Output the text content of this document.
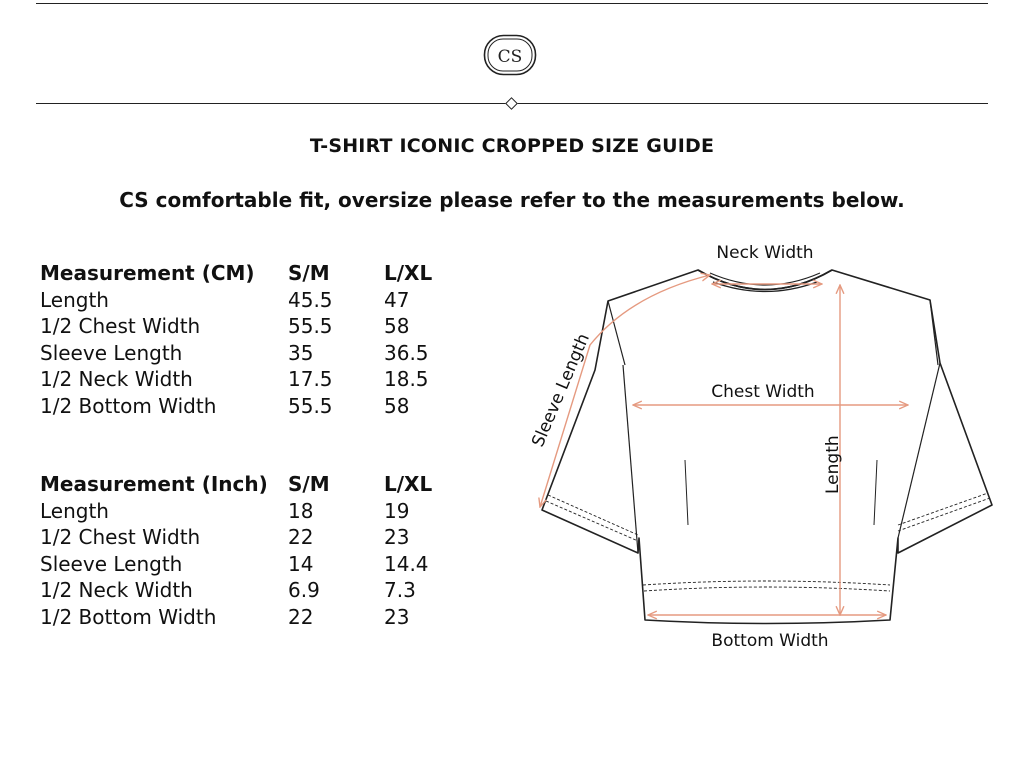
CS
T-SHIRT ICONIC CROPPED SIZE GUIDE
CS comfortable fit, oversize please refer to the measurements below.
Measurement (CM) S/M	L/XL
Length	45.5	47
1/2 Chest Width	55.5	58
Sleeve Length	35	36.5
1/2 Neck Width	17.5	18.5
1/2 Bottom Width	55.5	58
Measurement (Inch) S/M	L/XL
Length	18	19
1/2 Chest Width	22	23
Sleeve Length	14	14.4
1/2 Neck Width	6.9	7.3
1/2 Bottom Width	22	23
Neck Width
Chest Width
Sleeve Length
Length
Bottom Width
